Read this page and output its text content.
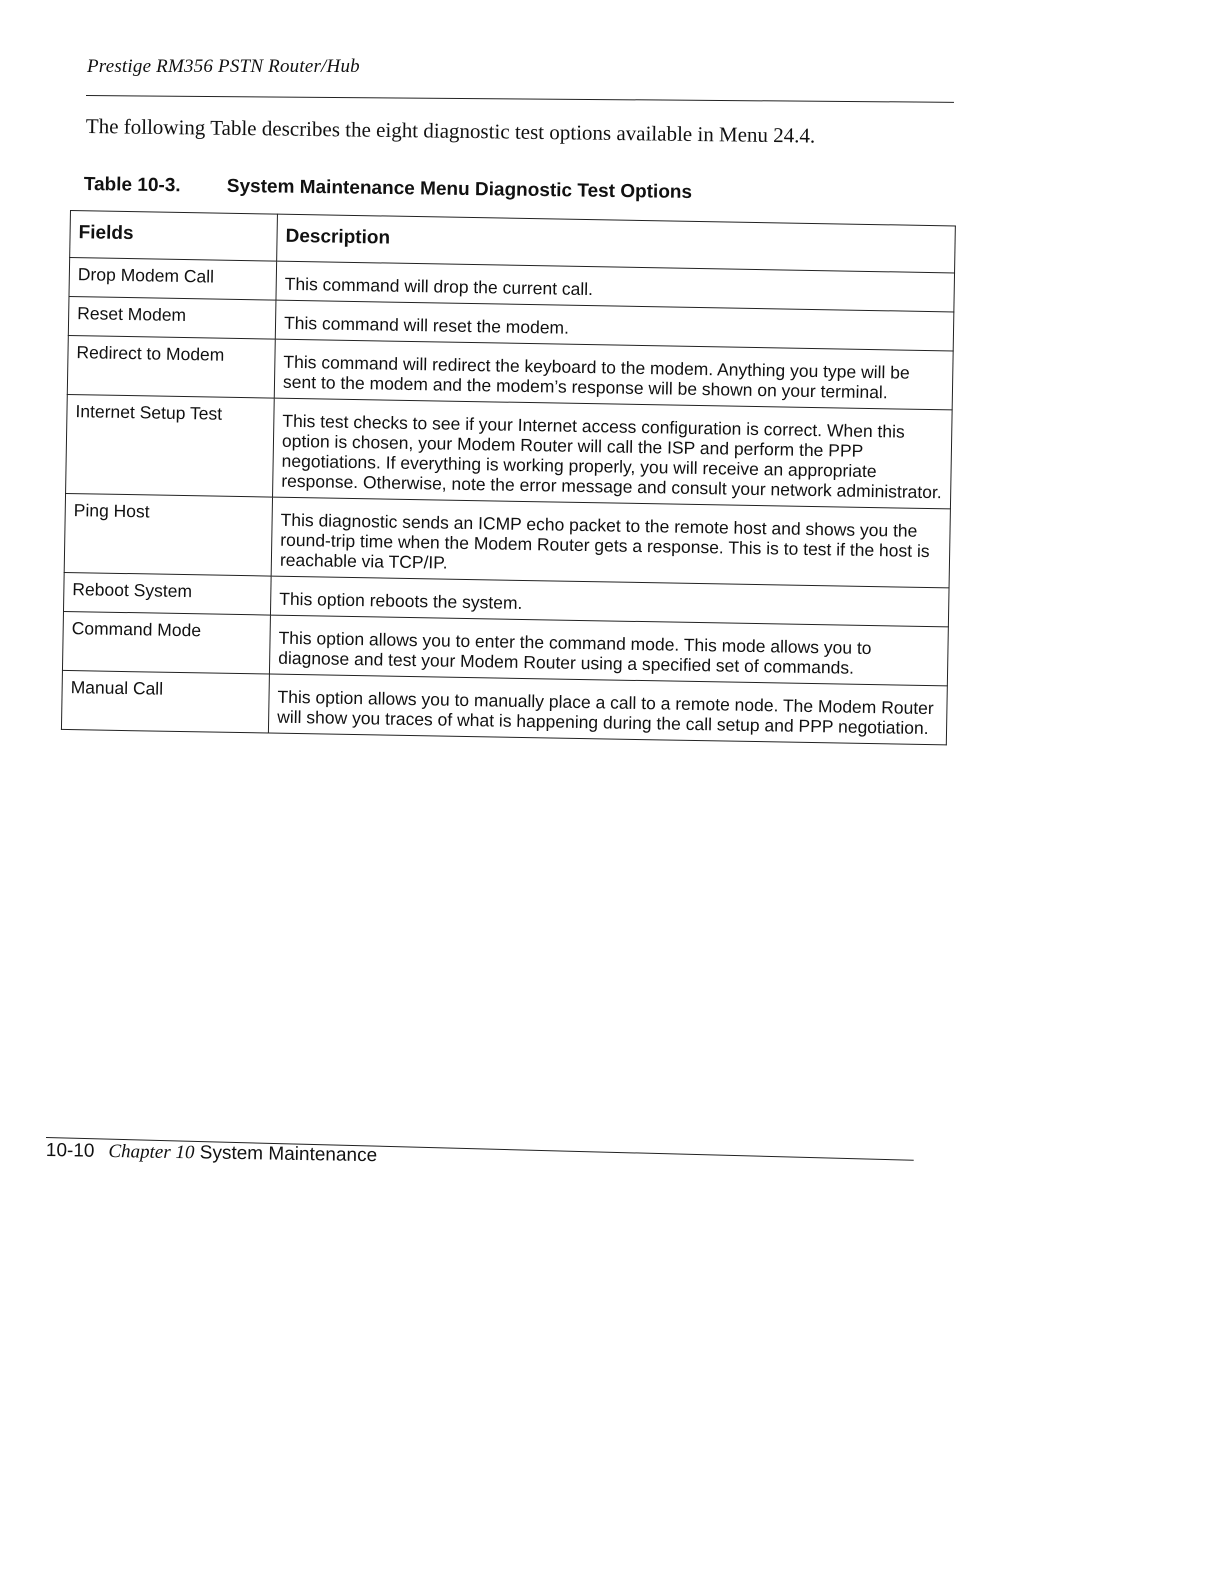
Prestige RM356 PSTN Router/Hub
The following Table describes the eight diagnostic test options available in Menu 24.4.
Table 10-3. System Maintenance Menu Diagnostic Test Options
Fields	Description
Drop Modem Call	This command will drop the current call.
Reset Modem	This command will reset the modem.
Redirect to Modem	This command will redirect the keyboard to the modem. Anything you type will be sent to the modem and the modem’s response will be shown on your terminal.
Internet Setup Test	This test checks to see if your Internet access configuration is correct. When this option is chosen, your Modem Router will call the ISP and perform the PPP negotiations. If everything is working properly, you will receive an appropriate response. Otherwise, note the error message and consult your network administrator.
Ping Host	This diagnostic sends an ICMP echo packet to the remote host and shows you the round-trip time when the Modem Router gets a response. This is to test if the host is reachable via TCP/IP.
Reboot System	This option reboots the system.
Command Mode	This option allows you to enter the command mode. This mode allows you to diagnose and test your Modem Router using a specified set of commands.
Manual Call	This option allows you to manually place a call to a remote node. The Modem Router will show you traces of what is happening during the call setup and PPP negotiation.
10-10 Chapter 10 System Maintenance
